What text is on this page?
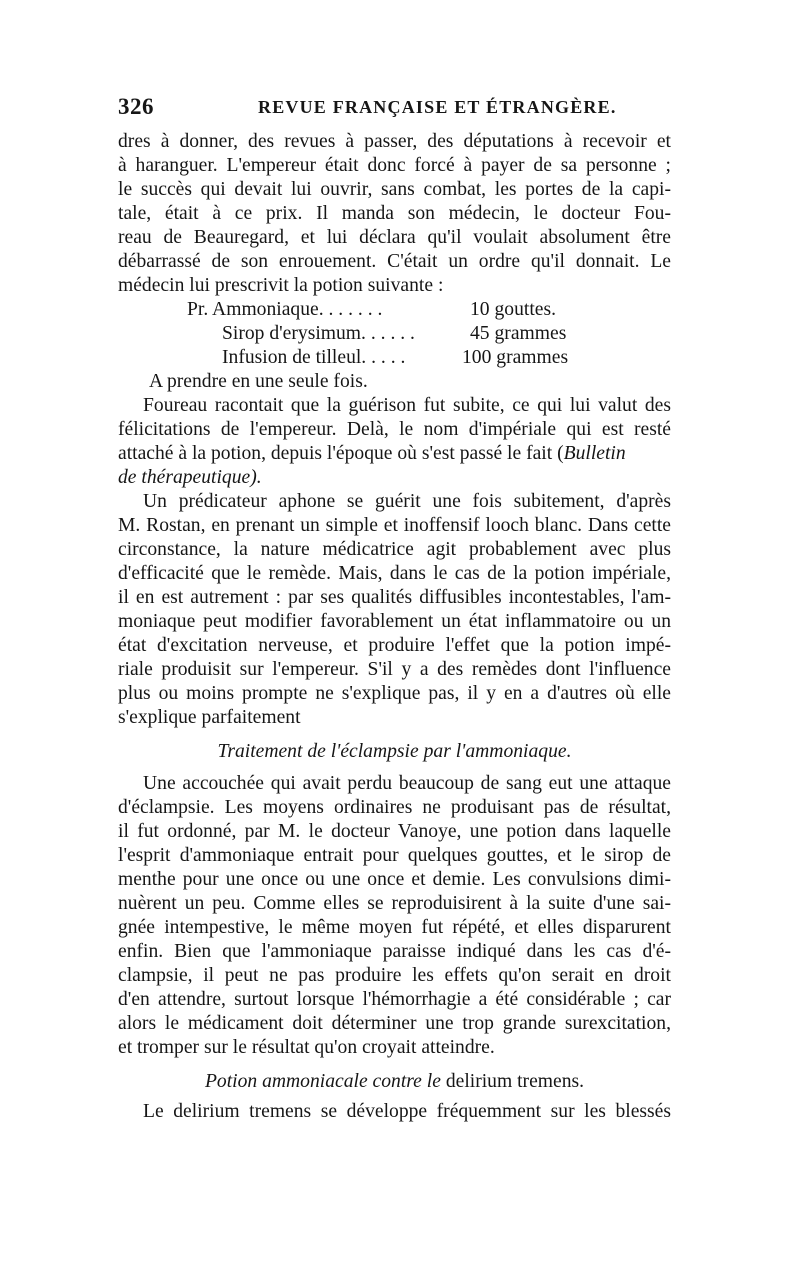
326	REVUE FRANÇAISE ET ÉTRANGÈRE.
dres à donner, des revues à passer, des députations à recevoir et
à haranguer. L'empereur était donc forcé à payer de sa personne ;
le succès qui devait lui ouvrir, sans combat, les portes de la capi-
tale, était à ce prix. Il manda son médecin, le docteur Fou-
reau de Beauregard, et lui déclara qu'il voulait absolument être
débarrassé de son enrouement. C'était un ordre qu'il donnait. Le
médecin lui prescrivit la potion suivante :
Pr. Ammoniaque. . . . . . .	10 gouttes.
Sirop d'erysimum. . . . . .	45 grammes
Infusion de tilleul. . . . .	100 grammes
A prendre en une seule fois.
Foureau racontait que la guérison fut subite, ce qui lui valut des
félicitations de l'empereur. Delà, le nom d'impériale qui est resté
attaché à la potion, depuis l'époque où s'est passé le fait (Bulletin
de thérapeutique).
Un prédicateur aphone se guérit une fois subitement, d'après
M. Rostan, en prenant un simple et inoffensif looch blanc. Dans cette
circonstance, la nature médicatrice agit probablement avec plus
d'efficacité que le remède. Mais, dans le cas de la potion impériale,
il en est autrement : par ses qualités diffusibles incontestables, l'am-
moniaque peut modifier favorablement un état inflammatoire ou un
état d'excitation nerveuse, et produire l'effet que la potion impé-
riale produisit sur l'empereur. S'il y a des remèdes dont l'influence
plus ou moins prompte ne s'explique pas, il y en a d'autres où elle
s'explique parfaitement
Traitement de l'éclampsie par l'ammoniaque.
Une accouchée qui avait perdu beaucoup de sang eut une attaque
d'éclampsie. Les moyens ordinaires ne produisant pas de résultat,
il fut ordonné, par M. le docteur Vanoye, une potion dans laquelle
l'esprit d'ammoniaque entrait pour quelques gouttes, et le sirop de
menthe pour une once ou une once et demie. Les convulsions dimi-
nuèrent un peu. Comme elles se reproduisirent à la suite d'une sai-
gnée intempestive, le même moyen fut répété, et elles disparurent
enfin. Bien que l'ammoniaque paraisse indiqué dans les cas d'é-
clampsie, il peut ne pas produire les effets qu'on serait en droit
d'en attendre, surtout lorsque l'hémorrhagie a été considérable ; car
alors le médicament doit déterminer une trop grande surexcitation,
et tromper sur le résultat qu'on croyait atteindre.
Potion ammoniacale contre le delirium tremens.
Le delirium tremens se développe fréquemment sur les blessés
